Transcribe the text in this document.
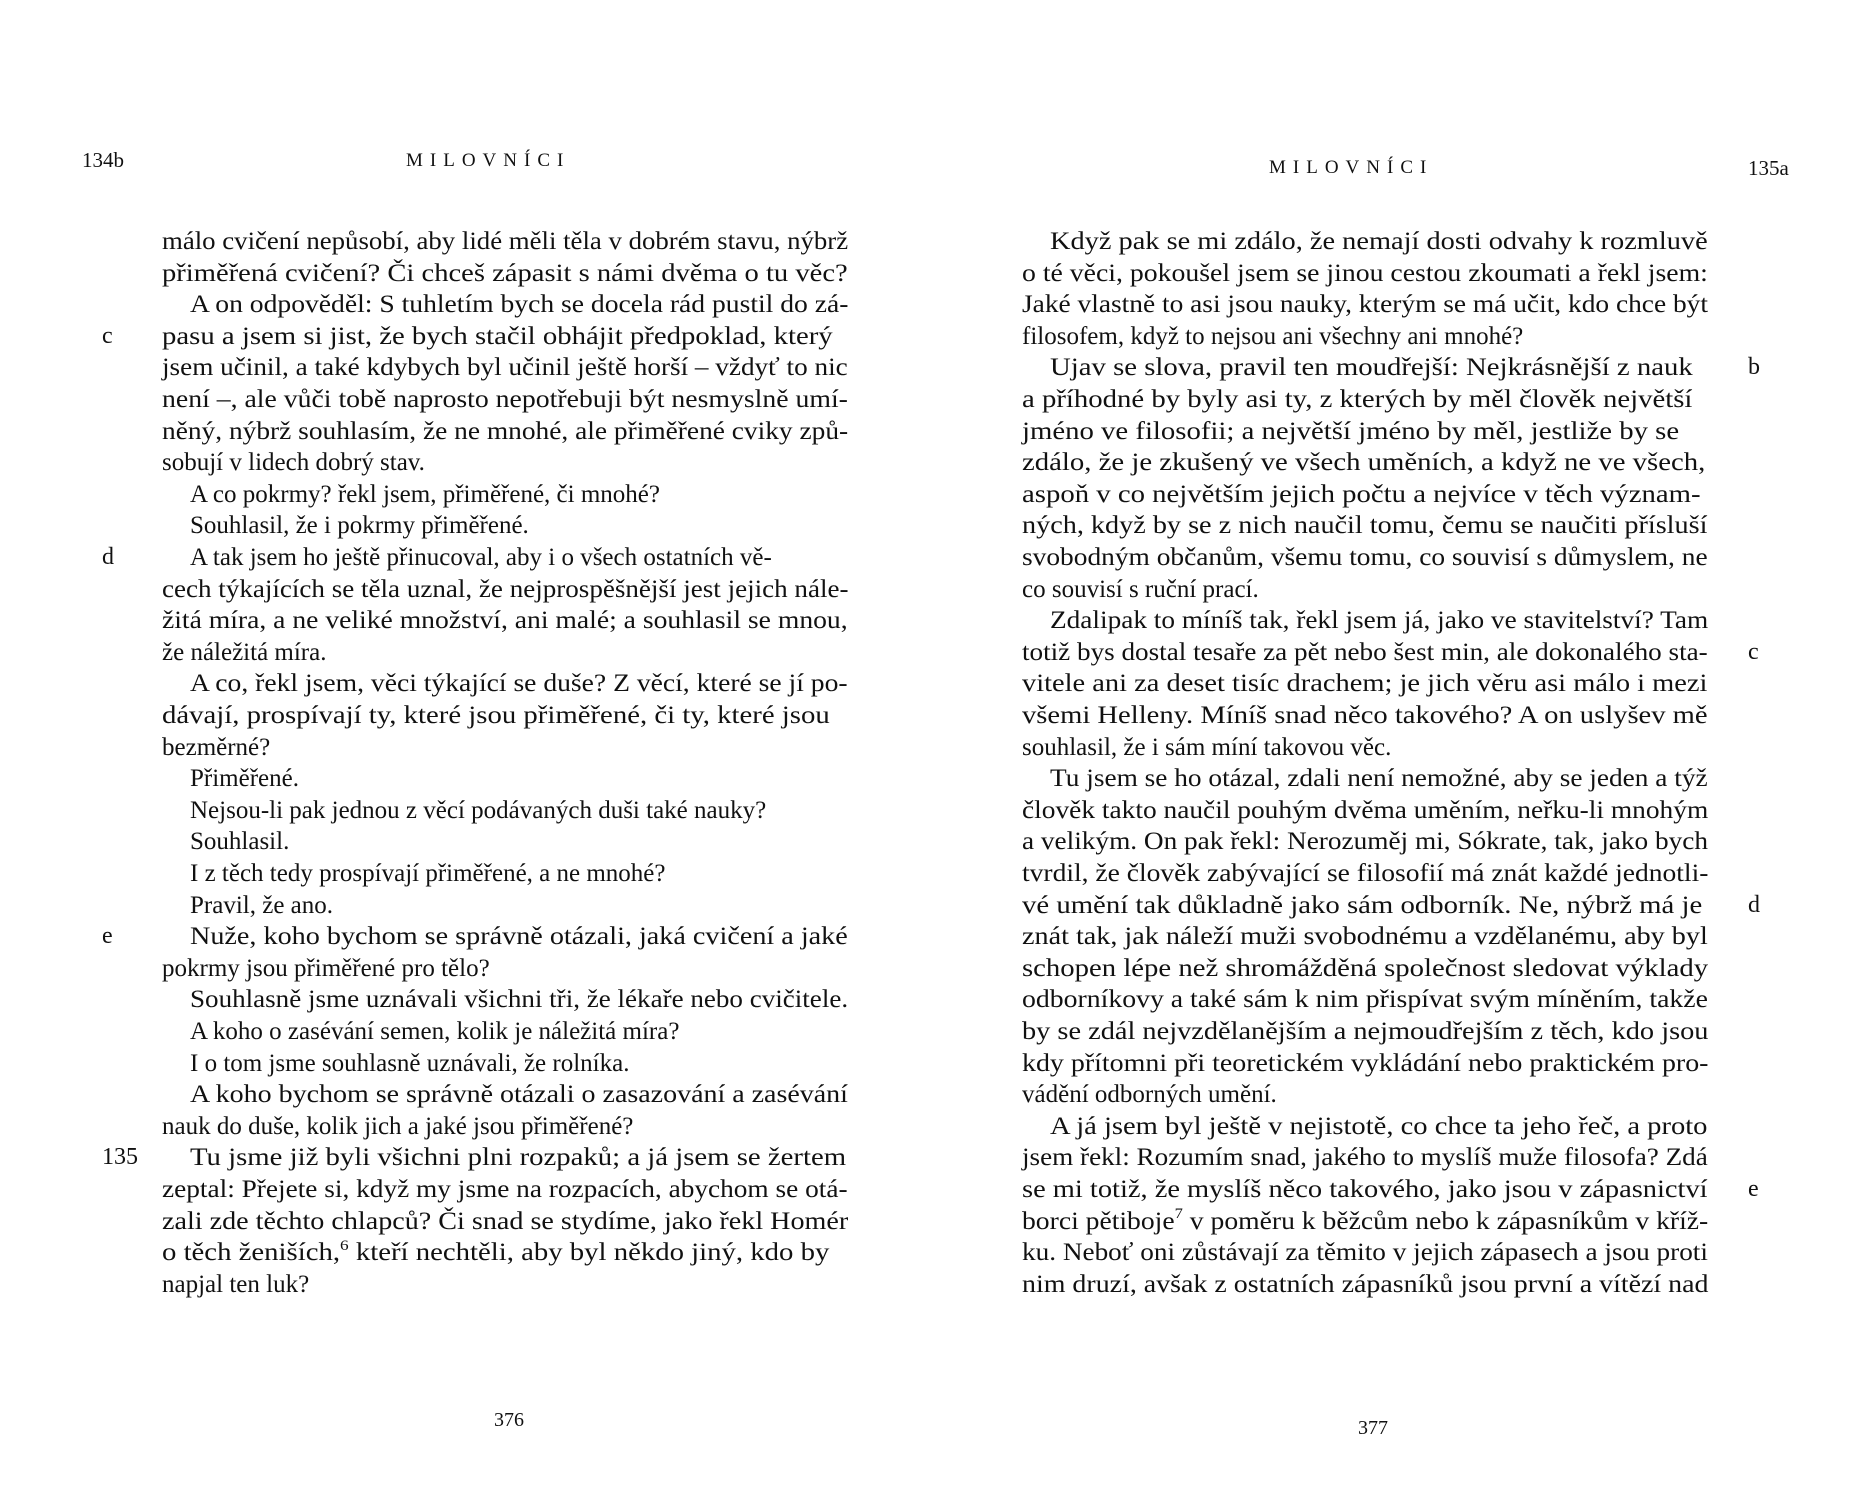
134b	MILOVNÍCI
málo cvičení nepůsobí, aby lidé měli těla v dobrém stavu, nýbrž
přiměřená cvičení? Či chceš zápasit s námi dvěma o tu věc?
A on odpověděl: S tuhletím bych se docela rád pustil do zá-
pasu a jsem si jist, že bych stačil obhájit předpoklad, který
c
jsem učinil, a také kdybych byl učinil ještě horší – vždyť to nic
není –, ale vůči tobě naprosto nepotřebuji být nesmyslně umí-
něný, nýbrž souhlasím, že ne mnohé, ale přiměřené cviky způ-
sobují v lidech dobrý stav.
A co pokrmy? řekl jsem, přiměřené, či mnohé?
Souhlasil, že i pokrmy přiměřené.
A tak jsem ho ještě přinucoval, aby i o všech ostatních vě-
d
cech týkajících se těla uznal, že nejprospěšnější jest jejich nále-
žitá míra, a ne veliké množství, ani malé; a souhlasil se mnou,
že náležitá míra.
A co, řekl jsem, věci týkající se duše? Z věcí, které se jí po-
dávají, prospívají ty, které jsou přiměřené, či ty, které jsou
bezměrné?
Přiměřené.
Nejsou-li pak jednou z věcí podávaných duši také nauky?
Souhlasil.
I z těch tedy prospívají přiměřené, a ne mnohé?
Pravil, že ano.
Nuže, koho bychom se správně otázali, jaká cvičení a jaké
e
pokrmy jsou přiměřené pro tělo?
Souhlasně jsme uznávali všichni tři, že lékaře nebo cvičitele.
A koho o zasévání semen, kolik je náležitá míra?
I o tom jsme souhlasně uznávali, že rolníka.
A koho bychom se správně otázali o zasazování a zasévání
nauk do duše, kolik jich a jaké jsou přiměřené?
Tu jsme již byli všichni plni rozpaků; a já jsem se žertem
135
zeptal: Přejete si, když my jsme na rozpacích, abychom se otá-
zali zde těchto chlapců? Či snad se stydíme, jako řekl Homér
o těch ženiších,$^6$ kteří nechtěli, aby byl někdo jiný, kdo by
napjal ten luk?
376
MILOVNÍCI	135a
Když pak se mi zdálo, že nemají dosti odvahy k rozmluvě
o té věci, pokoušel jsem se jinou cestou zkoumati a řekl jsem:
Jaké vlastně to asi jsou nauky, kterým se má učit, kdo chce být
filosofem, když to nejsou ani všechny ani mnohé?
Ujav se slova, pravil ten moudřejší: Nejkrásnější z nauk b
a příhodné by byly asi ty, z kterých by měl člověk největší
jméno ve filosofii; a největší jméno by měl, jestliže by se
zdálo, že je zkušený ve všech uměních, a když ne ve všech,
aspoň v co největším jejich počtu a nejvíce v těch význam-
ných, když by se z nich naučil tomu, čemu se naučiti přísluší
svobodným občanům, všemu tomu, co souvisí s důmyslem, ne
co souvisí s ruční prací.
Zdalipak to míníš tak, řekl jsem já, jako ve stavitelství? Tam
totiž bys dostal tesaře za pět nebo šest min, ale dokonalého sta- c
vitele ani za deset tisíc drachem; je jich věru asi málo i mezi
všemi Helleny. Míníš snad něco takového? A on uslyšev mě
souhlasil, že i sám míní takovou věc.
Tu jsem se ho otázal, zdali není nemožné, aby se jeden a týž
člověk takto naučil pouhým dvěma uměním, neřku-li mnohým
a velikým. On pak řekl: Nerozuměj mi, Sókrate, tak, jako bych
tvrdil, že člověk zabývající se filosofií má znát každé jednotli-
vé umění tak důkladně jako sám odborník. Ne, nýbrž má je d
znát tak, jak náleží muži svobodnému a vzdělanému, aby byl
schopen lépe než shromážděná společnost sledovat výklady
odborníkovy a také sám k nim přispívat svým míněním, takže
by se zdál nejvzdělanějším a nejmoudřejším z těch, kdo jsou
kdy přítomni při teoretickém vykládání nebo praktickém pro-
vádění odborných umění.
A já jsem byl ještě v nejistotě, co chce ta jeho řeč, a proto
jsem řekl: Rozumím snad, jakého to myslíš muže filosofa? Zdá
se mi totiž, že myslíš něco takového, jako jsou v zápasnictví e
borci pětiboje$^7$ v poměru k běžcům nebo k zápasníkům v kříž-
ku. Neboť oni zůstávají za těmito v jejich zápasech a jsou proti
nim druzí, avšak z ostatních zápasníků jsou první a vítězí nad
377
